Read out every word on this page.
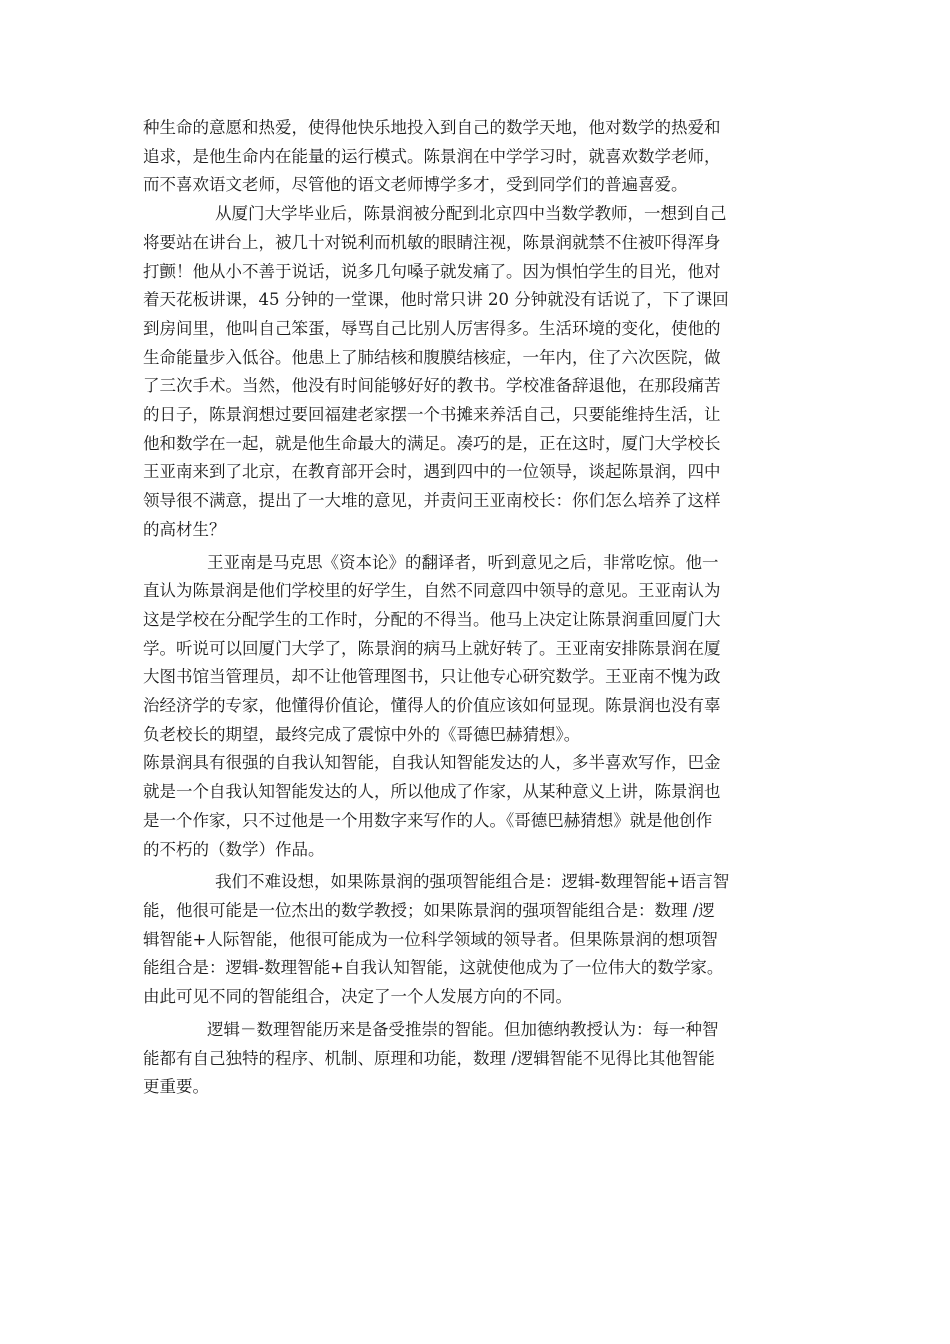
种生命的意愿和热爱，使得他快乐地投入到自己的数学天地，他对数学的热爱和
追求，是他生命内在能量的运行模式。陈景润在中学学习时，就喜欢数学老师，
而不喜欢语文老师，尽管他的语文老师博学多才，受到同学们的普遍喜爱。
从厦门大学毕业后，陈景润被分配到北京四中当数学教师，一想到自己
将要站在讲台上，被几十对锐利而机敏的眼睛注视，陈景润就禁不住被吓得浑身
打颤！他从小不善于说话，说多几句嗓子就发痛了。因为惧怕学生的目光，他对
着天花板讲课，45 分钟的一堂课，他时常只讲 20 分钟就没有话说了，下了课回
到房间里，他叫自己笨蛋，辱骂自己比别人厉害得多。生活环境的变化，使他的
生命能量步入低谷。他患上了肺结核和腹膜结核症，一年内，住了六次医院，做
了三次手术。当然，他没有时间能够好好的教书。学校准备辞退他，在那段痛苦
的日子，陈景润想过要回福建老家摆一个书摊来养活自己，只要能维持生活，让
他和数学在一起，就是他生命最大的满足。凑巧的是，正在这时，厦门大学校长
王亚南来到了北京，在教育部开会时，遇到四中的一位领导，谈起陈景润，四中
领导很不满意，提出了一大堆的意见，并责问王亚南校长：你们怎么培养了这样
的高材生？
王亚南是马克思《资本论》的翻译者，听到意见之后，非常吃惊。他一
直认为陈景润是他们学校里的好学生，自然不同意四中领导的意见。王亚南认为
这是学校在分配学生的工作时，分配的不得当。他马上决定让陈景润重回厦门大
学。听说可以回厦门大学了，陈景润的病马上就好转了。王亚南安排陈景润在厦
大图书馆当管理员，却不让他管理图书，只让他专心研究数学。王亚南不愧为政
治经济学的专家，他懂得价值论，懂得人的价值应该如何显现。陈景润也没有辜
负老校长的期望，最终完成了震惊中外的《哥德巴赫猜想》。
陈景润具有很强的自我认知智能，自我认知智能发达的人，多半喜欢写作，巴金
就是一个自我认知智能发达的人，所以他成了作家，从某种意义上讲，陈景润也
是一个作家，只不过他是一个用数字来写作的人。《哥德巴赫猜想》就是他创作
的不朽的（数学）作品。
我们不难设想，如果陈景润的强项智能组合是：逻辑-数理智能+语言智
能，他很可能是一位杰出的数学教授；如果陈景润的强项智能组合是：数理 /逻
辑智能+人际智能，他很可能成为一位科学领域的领导者。但果陈景润的想项智
能组合是：逻辑-数理智能+自我认知智能，这就使他成为了一位伟大的数学家。
由此可见不同的智能组合，决定了一个人发展方向的不同。
逻辑－数理智能历来是备受推崇的智能。但加德纳教授认为：每一种智
能都有自己独特的程序、机制、原理和功能，数理 /逻辑智能不见得比其他智能
更重要。
